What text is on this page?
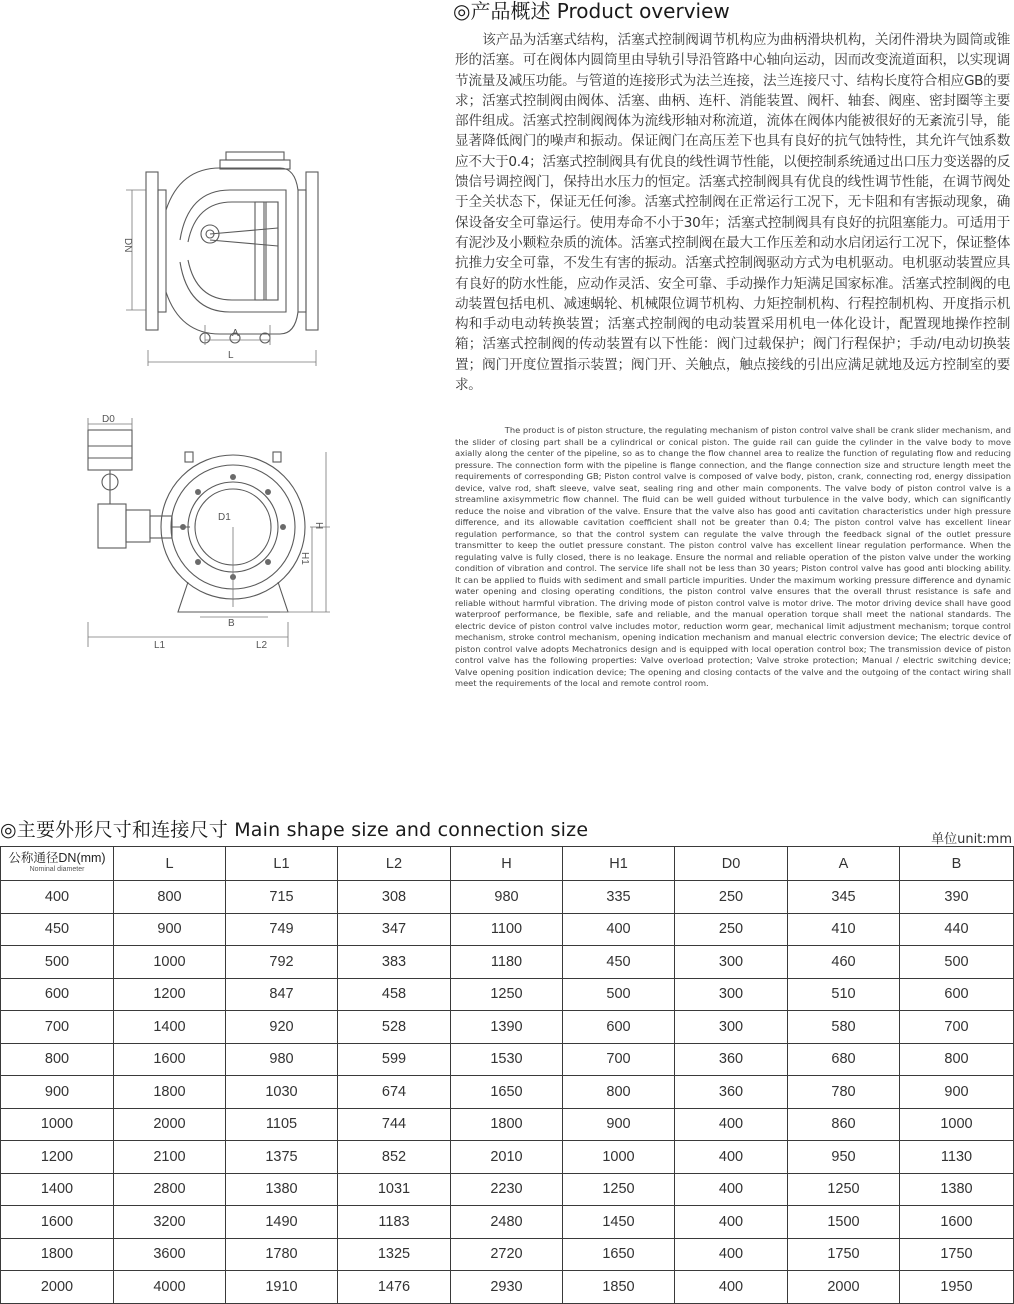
◎产品概述 Product overview
该产品为活塞式结构，活塞式控制阀调节机构应为曲柄滑块机构，关闭件滑块为圆筒或锥形的活塞。可在阀体内圆筒里由导轨引导沿管路中心轴向运动，因而改变流道面积，以实现调节流量及减压功能。与管道的连接形式为法兰连接，法兰连接尺寸、结构长度符合相应GB的要求；活塞式控制阀由阀体、活塞、曲柄、连杆、消能装置、阀杆、轴套、阀座、密封圈等主要部件组成。活塞式控制阀阀体为流线形轴对称流道，流体在阀体内能被很好的无紊流引导，能显著降低阀门的噪声和振动。保证阀门在高压差下也具有良好的抗气蚀特性，其允许气蚀系数应不大于0.4；活塞式控制阀具有优良的线性调节性能，以便控制系统通过出口压力变送器的反馈信号调控阀门，保持出水压力的恒定。活塞式控制阀具有优良的线性调节性能，在调节阀处于全关状态下，保证无任何渗。活塞式控制阀在正常运行工况下，无卡阻和有害振动现象，确保设备安全可靠运行。使用寿命不小于30年；活塞式控制阀具有良好的抗阻塞能力。可适用于有泥沙及小颗粒杂质的流体。活塞式控制阀在最大工作压差和动水启闭运行工况下，保证整体抗推力安全可靠，不发生有害的振动。活塞式控制阀驱动方式为电机驱动。电机驱动装置应具有良好的防水性能，应动作灵活、安全可靠、手动操作力矩满足国家标准。活塞式控制阀的电动装置包括电机、减速蜗轮、机械限位调节机构、力矩控制机构、行程控制机构、开度指示机构和手动电动转换装置；活塞式控制阀的电动装置采用机电一体化设计，配置现地操作控制箱；活塞式控制阀的传动装置有以下性能：阀门过载保护；阀门行程保护；手动/电动切换装置；阀门开度位置指示装置；阀门开、关触点，触点接线的引出应满足就地及远方控制室的要求。
The product is of piston structure, the regulating mechanism of piston control valve shall be crank slider mechanism, and the slider of closing part shall be a cylindrical or conical piston. The guide rail can guide the cylinder in the valve body to move axially along the center of the pipeline, so as to change the flow channel area to realize the function of regulating flow and reducing pressure. The connection form with the pipeline is flange connection, and the flange connection size and structure length meet the requirements of corresponding GB; Piston control valve is composed of valve body, piston, crank, connecting rod, energy dissipation device, valve rod, shaft sleeve, valve seat, sealing ring and other main components. The valve body of piston control valve is a streamline axisymmetric flow channel. The fluid can be well guided without turbulence in the valve body, which can significantly reduce the noise and vibration of the valve. Ensure that the valve also has good anti cavitation characteristics under high pressure difference, and its allowable cavitation coefficient shall not be greater than 0.4; The piston control valve has excellent linear regulation performance, so that the control system can regulate the valve through the feedback signal of the outlet pressure transmitter to keep the outlet pressure constant. The piston control valve has excellent linear regulation performance. When the regulating valve is fully closed, there is no leakage. Ensure the normal and reliable operation of the piston valve under the working condition of vibration and control. The service life shall not be less than 30 years; Piston control valve has good anti blocking ability. It can be applied to fluids with sediment and small particle impurities. Under the maximum working pressure difference and dynamic water opening and closing operating conditions, the piston control valve ensures that the overall thrust resistance is safe and reliable without harmful vibration. The driving mode of piston control valve is motor drive. The motor driving device shall have good waterproof performance, be flexible, safe and reliable, and the manual operation torque shall meet the national standards. The electric device of piston control valve includes motor, reduction worm gear, mechanical limit adjustment mechanism; torque control mechanism, stroke control mechanism, opening indication mechanism and manual electric conversion device; The electric device of piston control valve adopts Mechatronics design and is equipped with local operation control box; The transmission device of piston control valve has the following properties: Valve overload protection; Valve stroke protection; Manual / electric switching device; Valve opening position indication device; The opening and closing contacts of the valve and the outgoing of the contact wiring shall meet the requirements of the local and remote control room.
DN
A
L
D0
D1
H
H1
B
L1	L2
◎主要外形尺寸和连接尺寸 Main shape size and connection size	单位unit:mm
公称通径DN(mm)
Nominal diameter	L	L1	L2	H	H1	D0	A	B
400	800	715	308	980	335	250	345	390
450	900	749	347	1100	400	250	410	440
500	1000	792	383	1180	450	300	460	500
600	1200	847	458	1250	500	300	510	600
700	1400	920	528	1390	600	300	580	700
800	1600	980	599	1530	700	360	680	800
900	1800	1030	674	1650	800	360	780	900
1000	2000	1105	744	1800	900	400	860	1000
1200	2100	1375	852	2010	1000	400	950	1130
1400	2800	1380	1031	2230	1250	400	1250	1380
1600	3200	1490	1183	2480	1450	400	1500	1600
1800	3600	1780	1325	2720	1650	400	1750	1750
2000	4000	1910	1476	2930	1850	400	2000	1950
